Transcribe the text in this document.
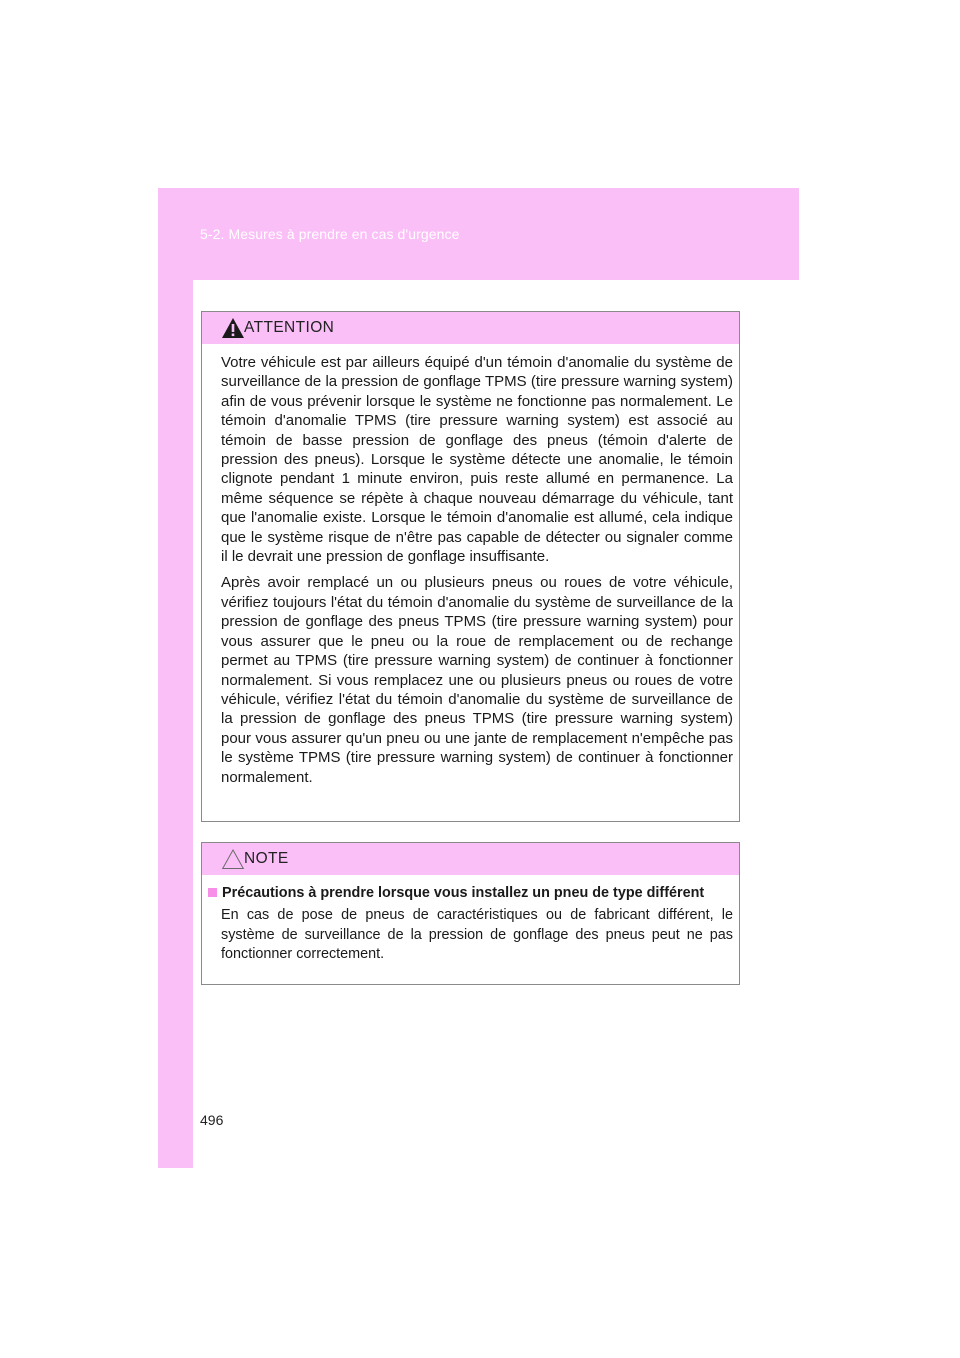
5-2. Mesures à prendre en cas d'urgence
ATTENTION

Votre véhicule est par ailleurs équipé d'un témoin d'anomalie du système de surveillance de la pression de gonflage TPMS (tire pressure warning system) afin de vous prévenir lorsque le système ne fonctionne pas normalement. Le témoin d'anomalie TPMS (tire pressure warning system) est associé au témoin de basse pression de gonflage des pneus (témoin d'alerte de pression des pneus). Lorsque le système détecte une anomalie, le témoin clignote pendant 1 minute environ, puis reste allumé en permanence. La même séquence se répète à chaque nouveau démarrage du véhicule, tant que l'anomalie existe. Lorsque le témoin d'anomalie est allumé, cela indique que le système risque de n'être pas capable de détecter ou signaler comme il le devrait une pression de gonflage insuffisante.

Après avoir remplacé un ou plusieurs pneus ou roues de votre véhicule, vérifiez toujours l'état du témoin d'anomalie du système de surveillance de la pression de gonflage des pneus TPMS (tire pressure warning system) pour vous assurer que le pneu ou la roue de remplacement ou de rechange permet au TPMS (tire pressure warning system) de continuer à fonctionner normalement. Si vous remplacez une ou plusieurs pneus ou roues de votre véhicule, vérifiez l'état du témoin d'anomalie du système de surveillance de la pression de gonflage des pneus TPMS (tire pressure warning system) pour vous assurer qu'un pneu ou une jante de remplacement n'empêche pas le système TPMS (tire pressure warning system) de continuer à fonctionner normalement.

NOTE
Précautions à prendre lorsque vous installez un pneu de type différent

En cas de pose de pneus de caractéristiques ou de fabricant différent, le système de surveillance de la pression de gonflage des pneus peut ne pas fonctionner correctement.

496
